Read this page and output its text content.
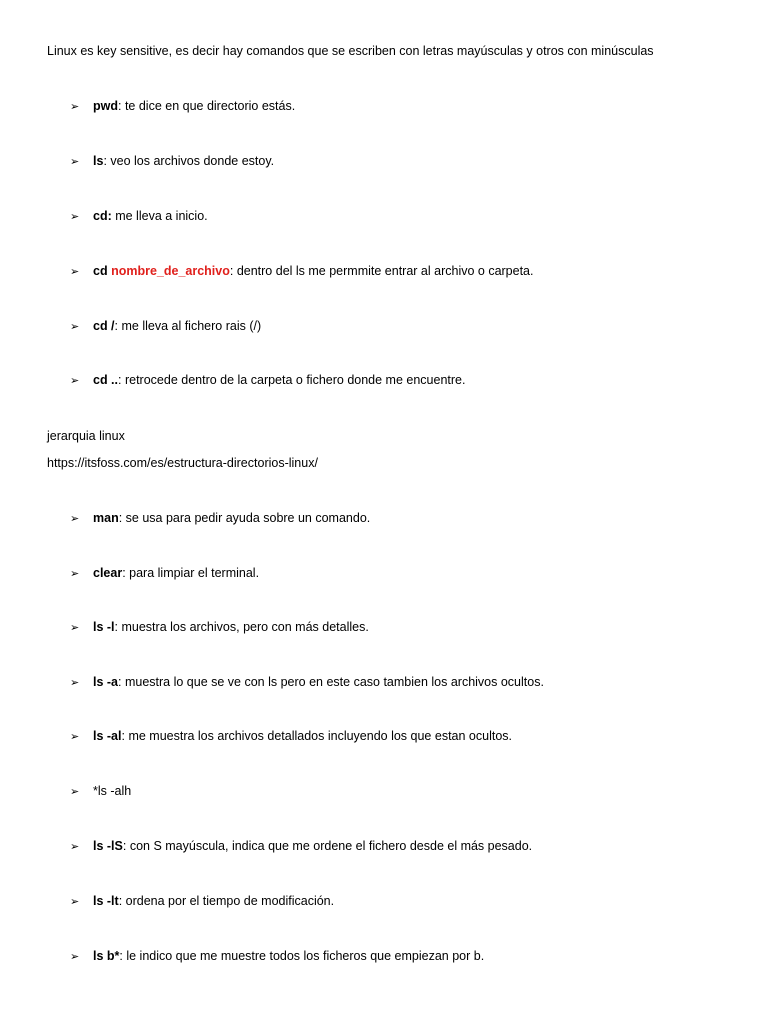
Linux es key sensitive, es decir hay comandos que se escriben con letras mayúsculas y otros con minúsculas
➢ pwd: te dice en que directorio estás.
➢ ls: veo los archivos donde estoy.
➢ cd: me lleva a inicio.
➢ cd nombre_de_archivo: dentro del ls me permmite entrar al archivo o carpeta.
➢ cd /: me lleva al fichero rais (/)
➢ cd ..: retrocede dentro de la carpeta o fichero donde me encuentre.
jerarquia linux
https://itsfoss.com/es/estructura-directorios-linux/
➢ man: se usa para pedir ayuda sobre un comando.
➢ clear: para limpiar el terminal.
➢ ls -l: muestra los archivos, pero con más detalles.
➢ ls -a: muestra lo que se ve con ls pero en este caso tambien los archivos ocultos.
➢ ls -al: me muestra los archivos detallados incluyendo los que estan ocultos.
➢ *ls -alh
➢ ls -lS: con S mayúscula, indica que me ordene el fichero desde el más pesado.
➢ ls -lt: ordena por el tiempo de modificación.
➢ ls b*: le indico que me muestre todos los ficheros que empiezan por b.
